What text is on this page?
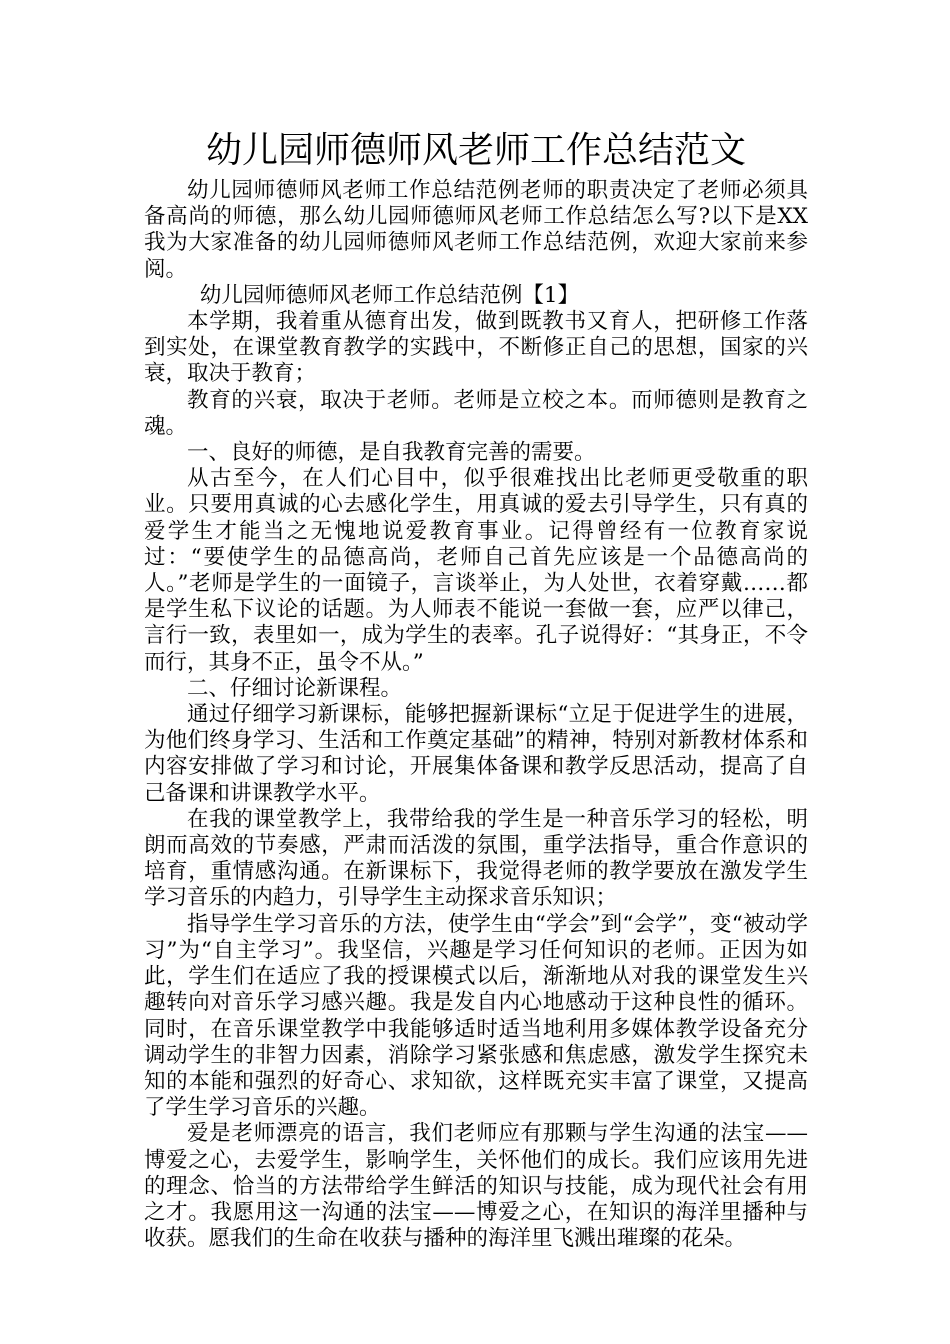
幼儿园师德师风老师工作总结范文

幼儿园师德师风老师工作总结范例老师的职责决定了老师必须具备高尚的师德，那么幼儿园师德师风老师工作总结怎么写?以下是XX我为大家准备的幼儿园师德师风老师工作总结范例，欢迎大家前来参阅。

幼儿园师德师风老师工作总结范例【1】

本学期，我着重从德育出发，做到既教书又育人，把研修工作落到实处，在课堂教育教学的实践中，不断修正自己的思想，国家的兴衰，取决于教育；

教育的兴衰，取决于老师。老师是立校之本。而师德则是教育之魂。

一、良好的师德，是自我教育完善的需要。

从古至今，在人们心目中，似乎很难找出比老师更受敬重的职业。只要用真诚的心去感化学生，用真诚的爱去引导学生，只有真的爱学生才能当之无愧地说爱教育事业。记得曾经有一位教育家说过：“要使学生的品德高尚，老师自己首先应该是一个品德高尚的人。”老师是学生的一面镜子，言谈举止，为人处世，衣着穿戴……都是学生私下议论的话题。为人师表不能说一套做一套，应严以律己，言行一致，表里如一，成为学生的表率。孔子说得好：“其身正，不令而行，其身不正，虽令不从。”

二、仔细讨论新课程。

通过仔细学习新课标，能够把握新课标“立足于促进学生的进展，为他们终身学习、生活和工作奠定基础”的精神，特别对新教材体系和内容安排做了学习和讨论，开展集体备课和教学反思活动，提高了自己备课和讲课教学水平。

在我的课堂教学上，我带给我的学生是一种音乐学习的轻松，明朗而高效的节奏感，严肃而活泼的氛围，重学法指导，重合作意识的培育，重情感沟通。在新课标下，我觉得老师的教学要放在激发学生学习音乐的内趋力，引导学生主动探求音乐知识；

指导学生学习音乐的方法，使学生由“学会”到“会学”，变“被动学习”为“自主学习”。我坚信，兴趣是学习任何知识的老师。正因为如此，学生们在适应了我的授课模式以后，渐渐地从对我的课堂发生兴趣转向对音乐学习感兴趣。我是发自内心地感动于这种良性的循环。同时，在音乐课堂教学中我能够适时适当地利用多媒体教学设备充分调动学生的非智力因素，消除学习紧张感和焦虑感，激发学生探究未知的本能和强烈的好奇心、求知欲，这样既充实丰富了课堂，又提高了学生学习音乐的兴趣。

爱是老师漂亮的语言，我们老师应有那颗与学生沟通的法宝——博爱之心，去爱学生，影响学生，关怀他们的成长。我们应该用先进的理念、恰当的方法带给学生鲜活的知识与技能，成为现代社会有用之才。我愿用这一沟通的法宝——博爱之心，在知识的海洋里播种与收获。愿我们的生命在收获与播种的海洋里飞溅出璀璨的花朵。
